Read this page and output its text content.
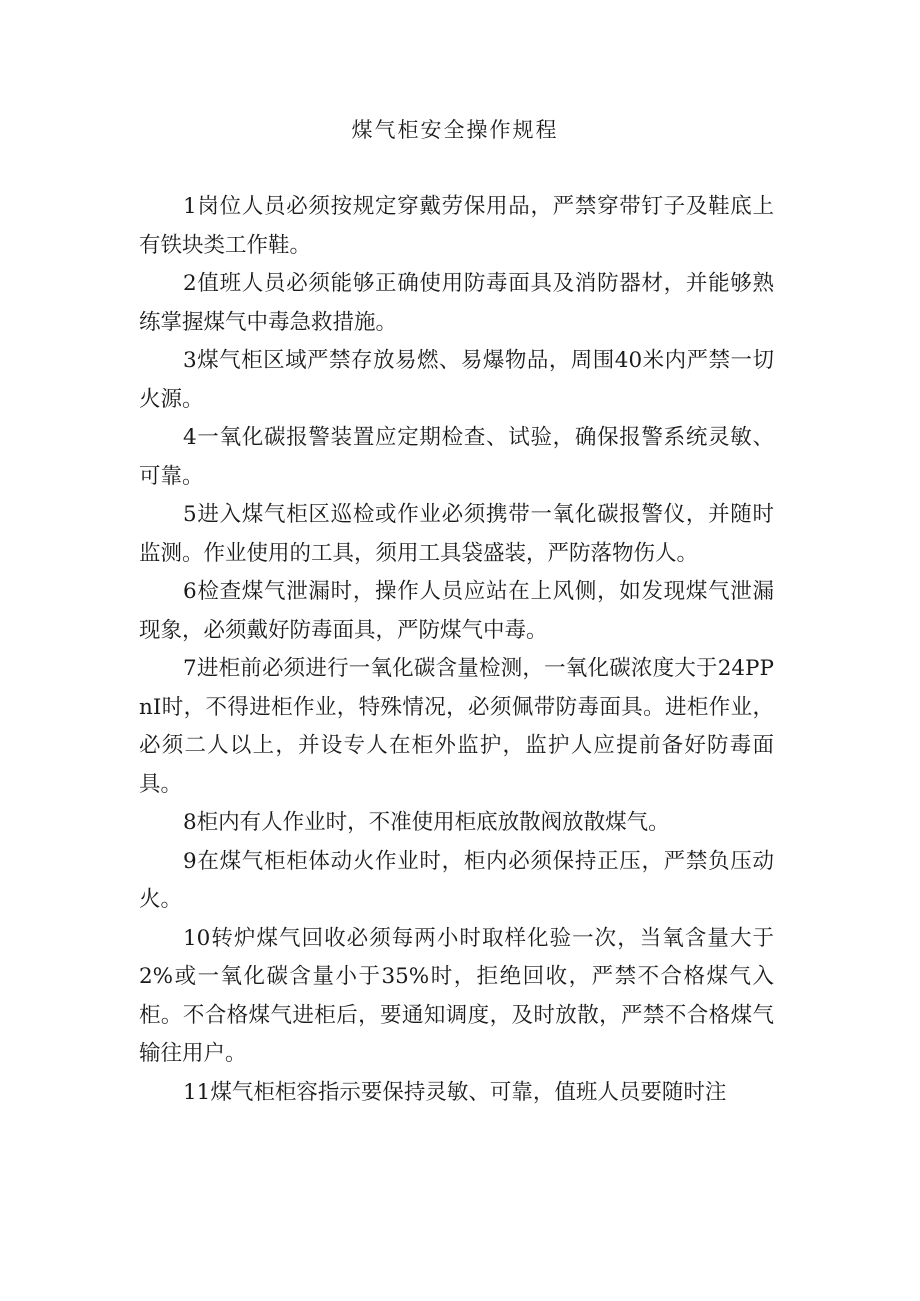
煤气柜安全操作规程

1岗位人员必须按规定穿戴劳保用品，严禁穿带钉子及鞋底上有铁块类工作鞋。

2值班人员必须能够正确使用防毒面具及消防器材，并能够熟练掌握煤气中毒急救措施。

3煤气柜区域严禁存放易燃、易爆物品，周围40米内严禁一切火源。

4一氧化碳报警装置应定期检查、试验，确保报警系统灵敏、可靠。

5进入煤气柜区巡检或作业必须携带一氧化碳报警仪，并随时监测。作业使用的工具，须用工具袋盛装，严防落物伤人。

6检查煤气泄漏时，操作人员应站在上风侧，如发现煤气泄漏现象，必须戴好防毒面具，严防煤气中毒。

7进柜前必须进行一氧化碳含量检测，一氧化碳浓度大于24PPnI时，不得进柜作业，特殊情况，必须佩带防毒面具。进柜作业，必须二人以上，并设专人在柜外监护，监护人应提前备好防毒面具。

8柜内有人作业时，不准使用柜底放散阀放散煤气。

9在煤气柜柜体动火作业时，柜内必须保持正压，严禁负压动火。

10转炉煤气回收必须每两小时取样化验一次，当氧含量大于2%或一氧化碳含量小于35%时，拒绝回收，严禁不合格煤气入柜。不合格煤气进柜后，要通知调度，及时放散，严禁不合格煤气输往用户。

11煤气柜柜容指示要保持灵敏、可靠，值班人员要随时注
